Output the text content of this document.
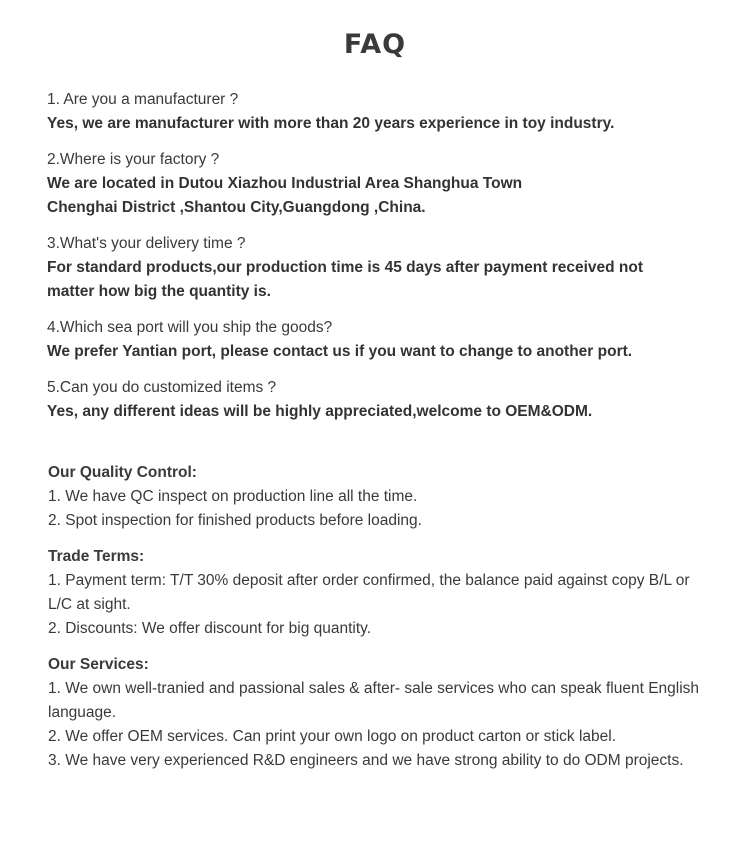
FAQ
1. Are you a manufacturer ?
Yes, we are manufacturer with more than 20 years experience in toy industry.
2.Where is your factory ?
We are located in Dutou Xiazhou Industrial Area Shanghua Town
Chenghai District ,Shantou City,Guangdong ,China.
3.What's your delivery time ?
For standard products,our production time is 45 days after payment received not
matter how big the quantity is.
4.Which sea port will you ship the goods?
We prefer Yantian port, please contact us if you want to change to another port.
5.Can you do customized items ?
Yes, any different ideas will be highly appreciated,welcome to OEM&ODM.
Our Quality Control:
1. We have QC inspect on production line all the time.
2. Spot inspection for finished products before loading.
Trade Terms:
1. Payment term: T/T 30% deposit after order confirmed, the balance paid against copy B/L or
L/C at sight.
2. Discounts: We offer discount for big quantity.
Our Services:
1. We own well-tranied and passional sales & after- sale services who can speak fluent English
language.
2. We offer OEM services. Can print your own logo on product carton or stick label.
3. We have very experienced R&D engineers and we have strong ability to do ODM projects.
